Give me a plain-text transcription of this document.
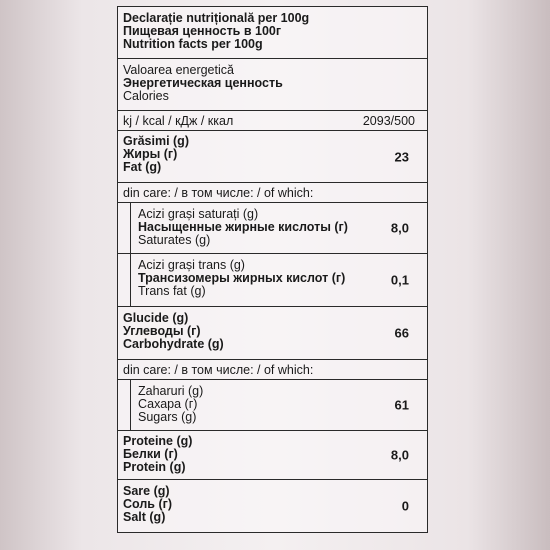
Declarație nutrițională per 100g
Пищевая ценность в 100г
Nutrition facts per 100g
Valoarea energetică
Энергетическая ценность
Calories
kj / kcal / кДж / ккал	2093/500
Grăsimi (g)
Жиры (г)
Fat (g)
23
din care: / в том числе: / of which:
Acizi grași saturați (g)
Насыщенные жирные кислоты (г)
Saturates (g)
8,0
Acizi grași trans (g)
Трансизомеры жирных кислот (г)
Trans fat (g)
0,1
Glucide (g)
Углеводы (г)
Carbohydrate (g)
66
din care: / в том числе: / of which:
Zaharuri (g)
Сахара (г)
Sugars (g)
61
Proteine (g)
Белки (г)
Protein (g)
8,0
Sare (g)
Соль (г)
Salt (g)
0
